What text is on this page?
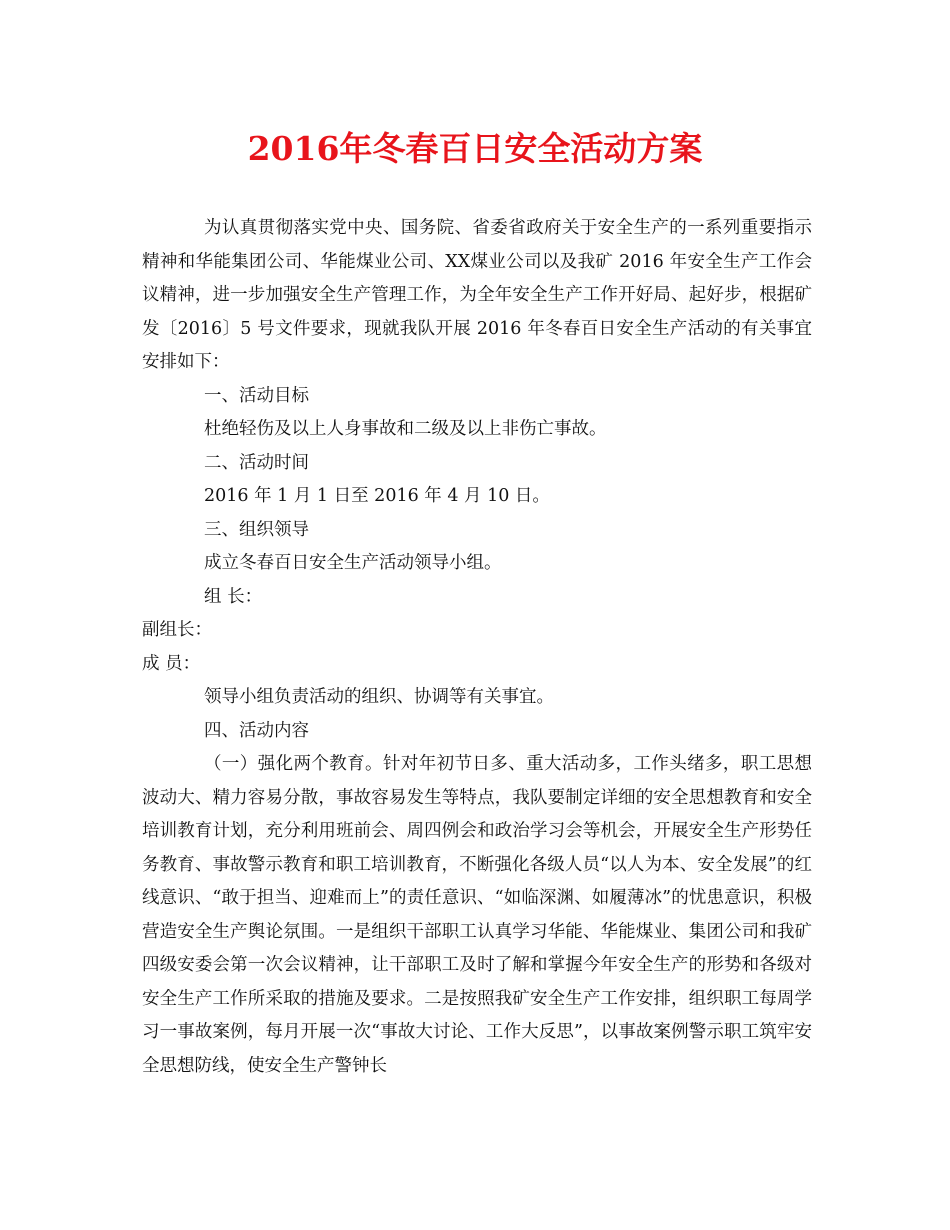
2016年冬春百日安全活动方案

为认真贯彻落实党中央、国务院、省委省政府关于安全生产的一系列重要指示精神和华能集团公司、华能煤业公司、XX煤业公司以及我矿 2016 年安全生产工作会议精神，进一步加强安全生产管理工作，为全年安全生产工作开好局、起好步，根据矿发〔2016〕5 号文件要求，现就我队开展 2016 年冬春百日安全生产活动的有关事宜安排如下：

一、活动目标

杜绝轻伤及以上人身事故和二级及以上非伤亡事故。

二、活动时间

2016 年 1 月 1 日至 2016 年 4 月 10 日。

三、组织领导

成立冬春百日安全生产活动领导小组。

组 长：

副组长：

成 员：

领导小组负责活动的组织、协调等有关事宜。

四、活动内容

（一）强化两个教育。针对年初节日多、重大活动多，工作头绪多，职工思想波动大、精力容易分散，事故容易发生等特点，我队要制定详细的安全思想教育和安全培训教育计划，充分利用班前会、周四例会和政治学习会等机会，开展安全生产形势任务教育、事故警示教育和职工培训教育，不断强化各级人员“以人为本、安全发展”的红线意识、“敢于担当、迎难而上”的责任意识、“如临深渊、如履薄冰”的忧患意识，积极营造安全生产舆论氛围。一是组织干部职工认真学习华能、华能煤业、集团公司和我矿四级安委会第一次会议精神，让干部职工及时了解和掌握今年安全生产的形势和各级对安全生产工作所采取的措施及要求。二是按照我矿安全生产工作安排，组织职工每周学习一事故案例，每月开展一次“事故大讨论、工作大反思”，以事故案例警示职工筑牢安全思想防线，使安全生产警钟长
